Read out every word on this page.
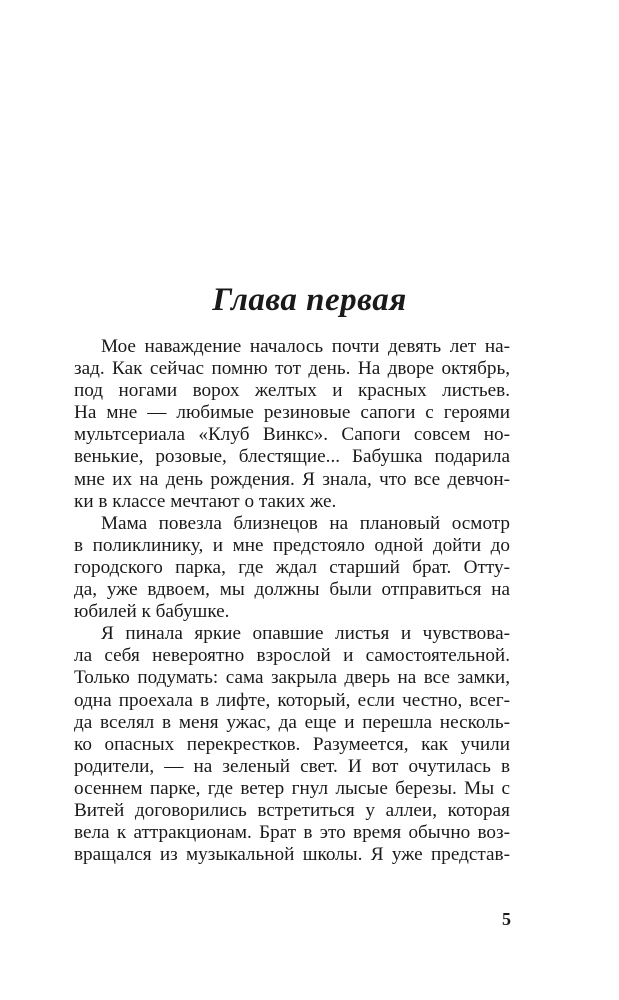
Глава первая
Мое наваждение началось почти девять лет на-
зад. Как сейчас помню тот день. На дворе октябрь,
под ногами ворох желтых и красных листьев.
На мне — любимые резиновые сапоги с героями
мультсериала «Клуб Винкс». Сапоги совсем но-
венькие, розовые, блестящие... Бабушка подарила
мне их на день рождения. Я знала, что все девчон-
ки в классе мечтают о таких же.
Мама повезла близнецов на плановый осмотр
в поликлинику, и мне предстояло одной дойти до
городского парка, где ждал старший брат. Отту-
да, уже вдвоем, мы должны были отправиться на
юбилей к бабушке.
Я пинала яркие опавшие листья и чувствова-
ла себя невероятно взрослой и самостоятельной.
Только подумать: сама закрыла дверь на все замки,
одна проехала в лифте, который, если честно, всег-
да вселял в меня ужас, да еще и перешла несколь-
ко опасных перекрестков. Разумеется, как учили
родители, — на зеленый свет. И вот очутилась в
осеннем парке, где ветер гнул лысые березы. Мы с
Витей договорились встретиться у аллеи, которая
вела к аттракционам. Брат в это время обычно воз-
вращался из музыкальной школы. Я уже представ-
5
